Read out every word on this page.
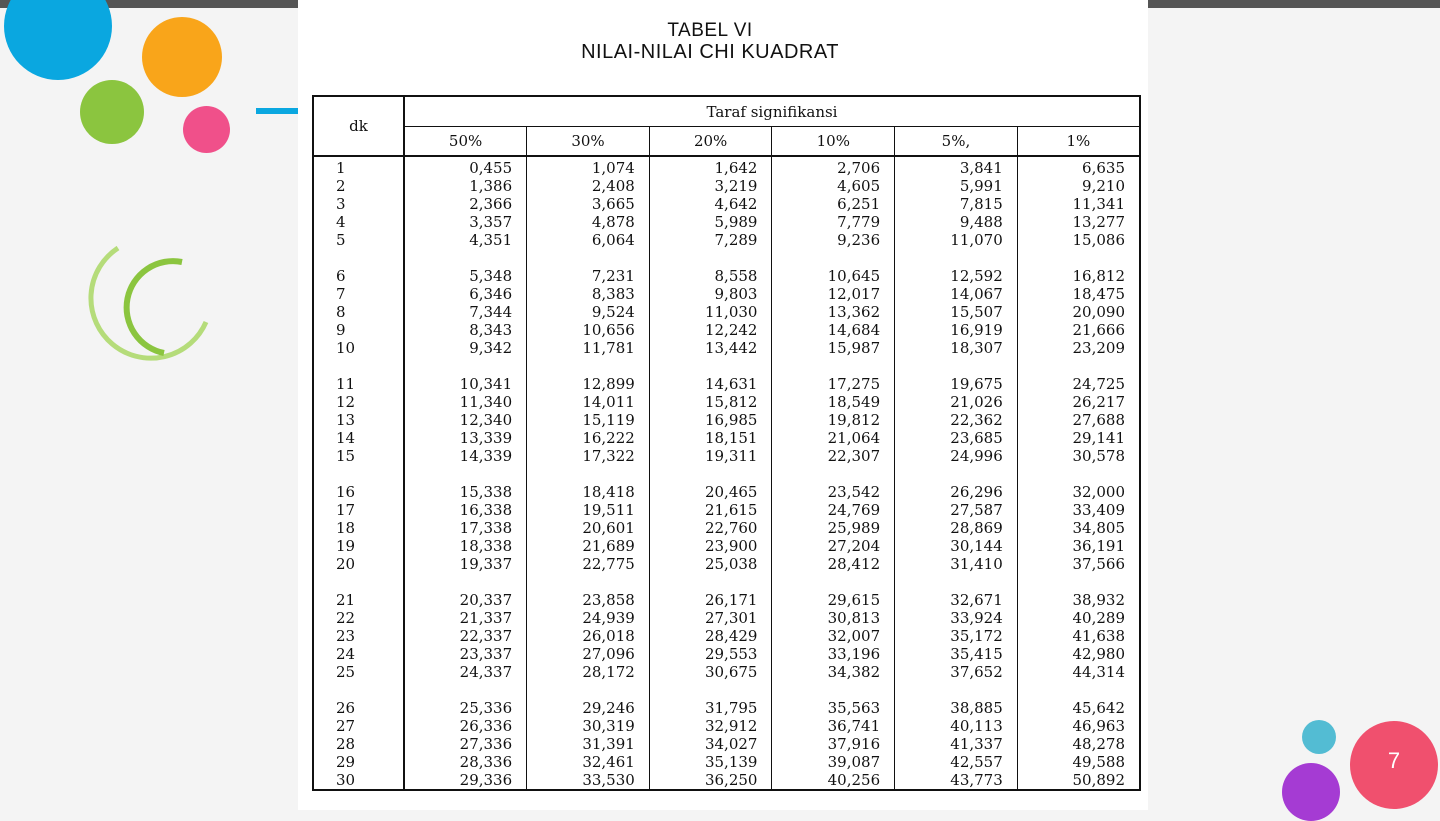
TABEL VI
NILAI-NILAI CHI KUADRAT
dk	Taraf signifikansi					
	50%	30%	20%	10%	5%,	1%
1	0,455	1,074	1,642	2,706	3,841	6,635
2	1,386	2,408	3,219	4,605	5,991	9,210
3	2,366	3,665	4,642	6,251	7,815	11,341
4	3,357	4,878	5,989	7,779	9,488	13,277
5	4,351	6,064	7,289	9,236	11,070	15,086
6	5,348	7,231	8,558	10,645	12,592	16,812
7	6,346	8,383	9,803	12,017	14,067	18,475
8	7,344	9,524	11,030	13,362	15,507	20,090
9	8,343	10,656	12,242	14,684	16,919	21,666
10	9,342	11,781	13,442	15,987	18,307	23,209
11	10,341	12,899	14,631	17,275	19,675	24,725
12	11,340	14,011	15,812	18,549	21,026	26,217
13	12,340	15,119	16,985	19,812	22,362	27,688
14	13,339	16,222	18,151	21,064	23,685	29,141
15	14,339	17,322	19,311	22,307	24,996	30,578
16	15,338	18,418	20,465	23,542	26,296	32,000
17	16,338	19,511	21,615	24,769	27,587	33,409
18	17,338	20,601	22,760	25,989	28,869	34,805
19	18,338	21,689	23,900	27,204	30,144	36,191
20	19,337	22,775	25,038	28,412	31,410	37,566
21	20,337	23,858	26,171	29,615	32,671	38,932
22	21,337	24,939	27,301	30,813	33,924	40,289
23	22,337	26,018	28,429	32,007	35,172	41,638
24	23,337	27,096	29,553	33,196	35,415	42,980
25	24,337	28,172	30,675	34,382	37,652	44,314
26	25,336	29,246	31,795	35,563	38,885	45,642
27	26,336	30,319	32,912	36,741	40,113	46,963
28	27,336	31,391	34,027	37,916	41,337	48,278
29	28,336	32,461	35,139	39,087	42,557	49,588
30	29,336	33,530	36,250	40,256	43,773	50,892
7
